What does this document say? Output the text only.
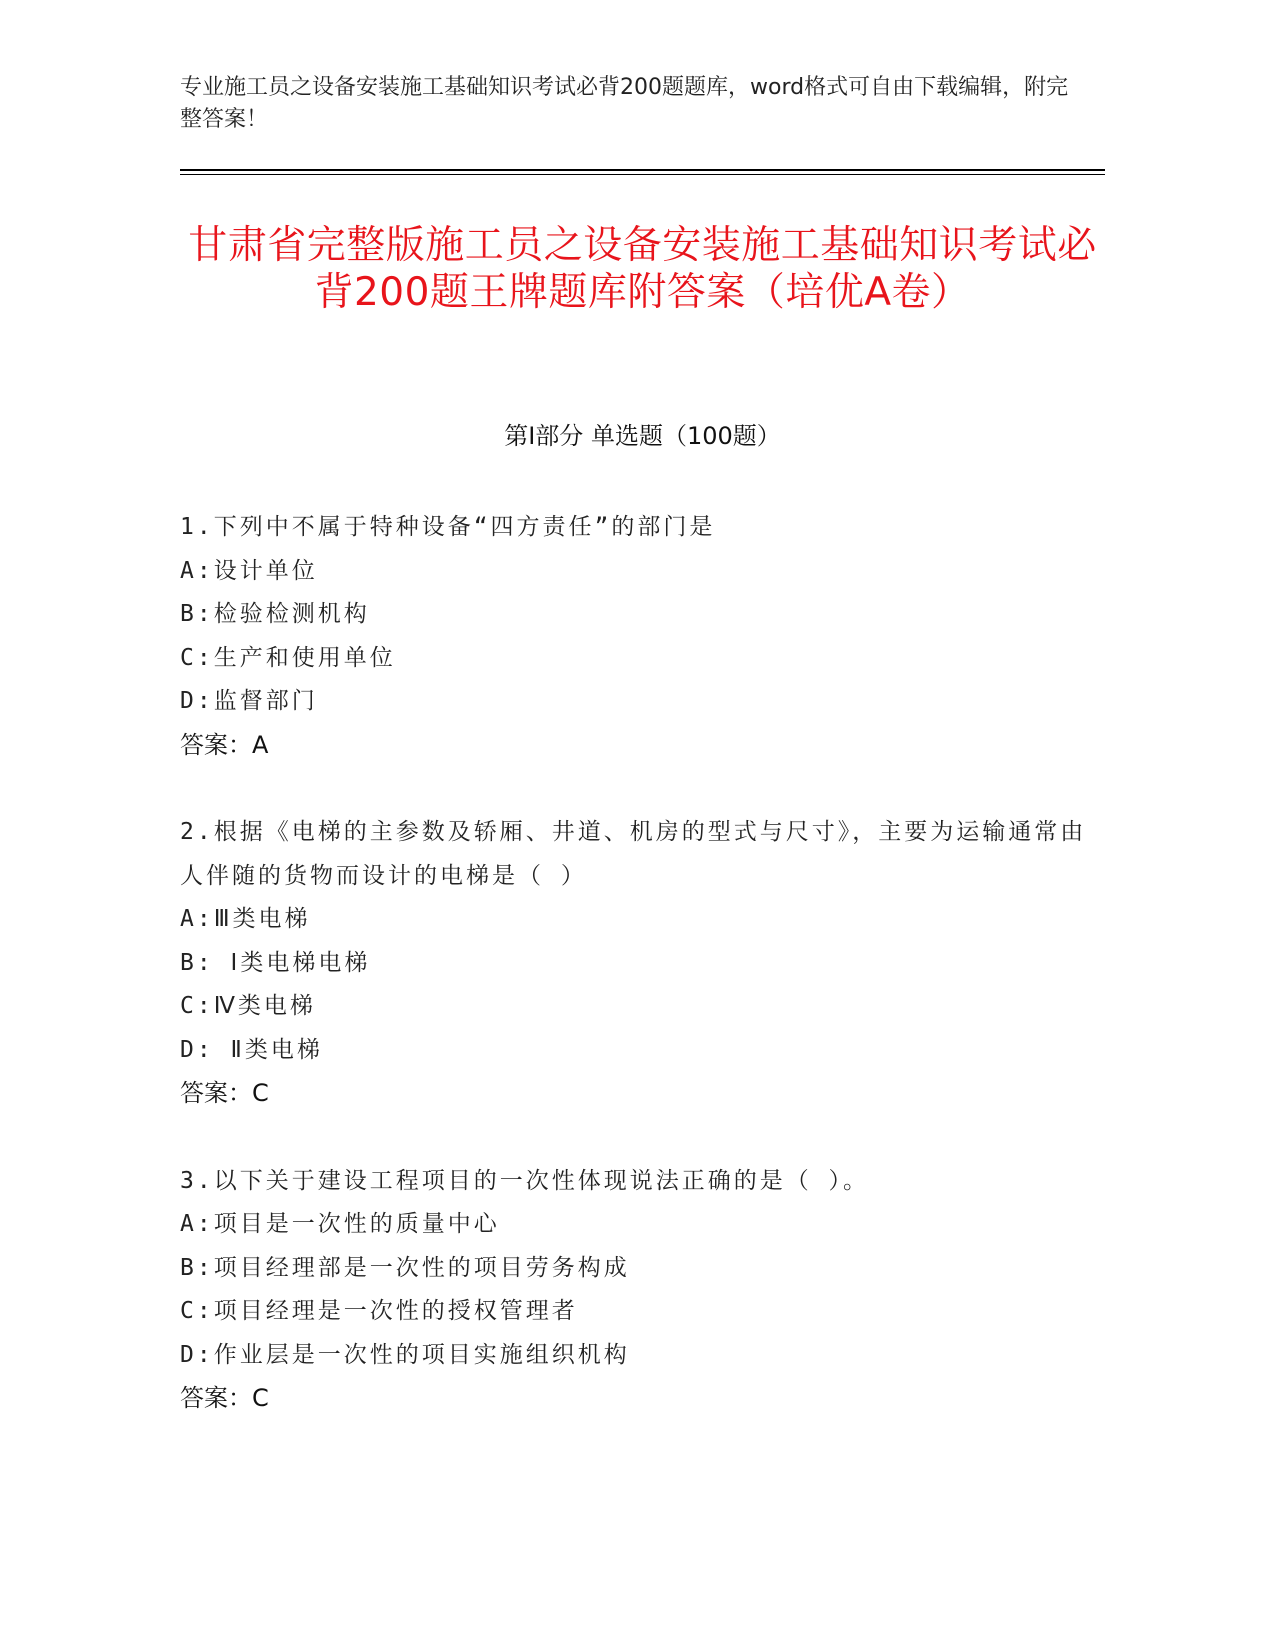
专业施工员之设备安装施工基础知识考试必背200题题库，word格式可自由下载编辑，附完整答案！
甘肃省完整版施工员之设备安装施工基础知识考试必背200题王牌题库附答案（培优A卷）
第I部分 单选题（100题）
1.下列中不属于特种设备“四方责任”的部门是
A:设计单位
B:检验检测机构
C:生产和使用单位
D:监督部门
答案：A
2.根据《电梯的主参数及轿厢、井道、机房的型式与尺寸》，主要为运输通常由人伴随的货物而设计的电梯是（ ）
A:Ⅲ类电梯
B: Ⅰ类电梯电梯
C:Ⅳ类电梯
D: Ⅱ类电梯
答案：C
3.以下关于建设工程项目的一次性体现说法正确的是（ ）。
A:项目是一次性的质量中心
B:项目经理部是一次性的项目劳务构成
C:项目经理是一次性的授权管理者
D:作业层是一次性的项目实施组织机构
答案：C
